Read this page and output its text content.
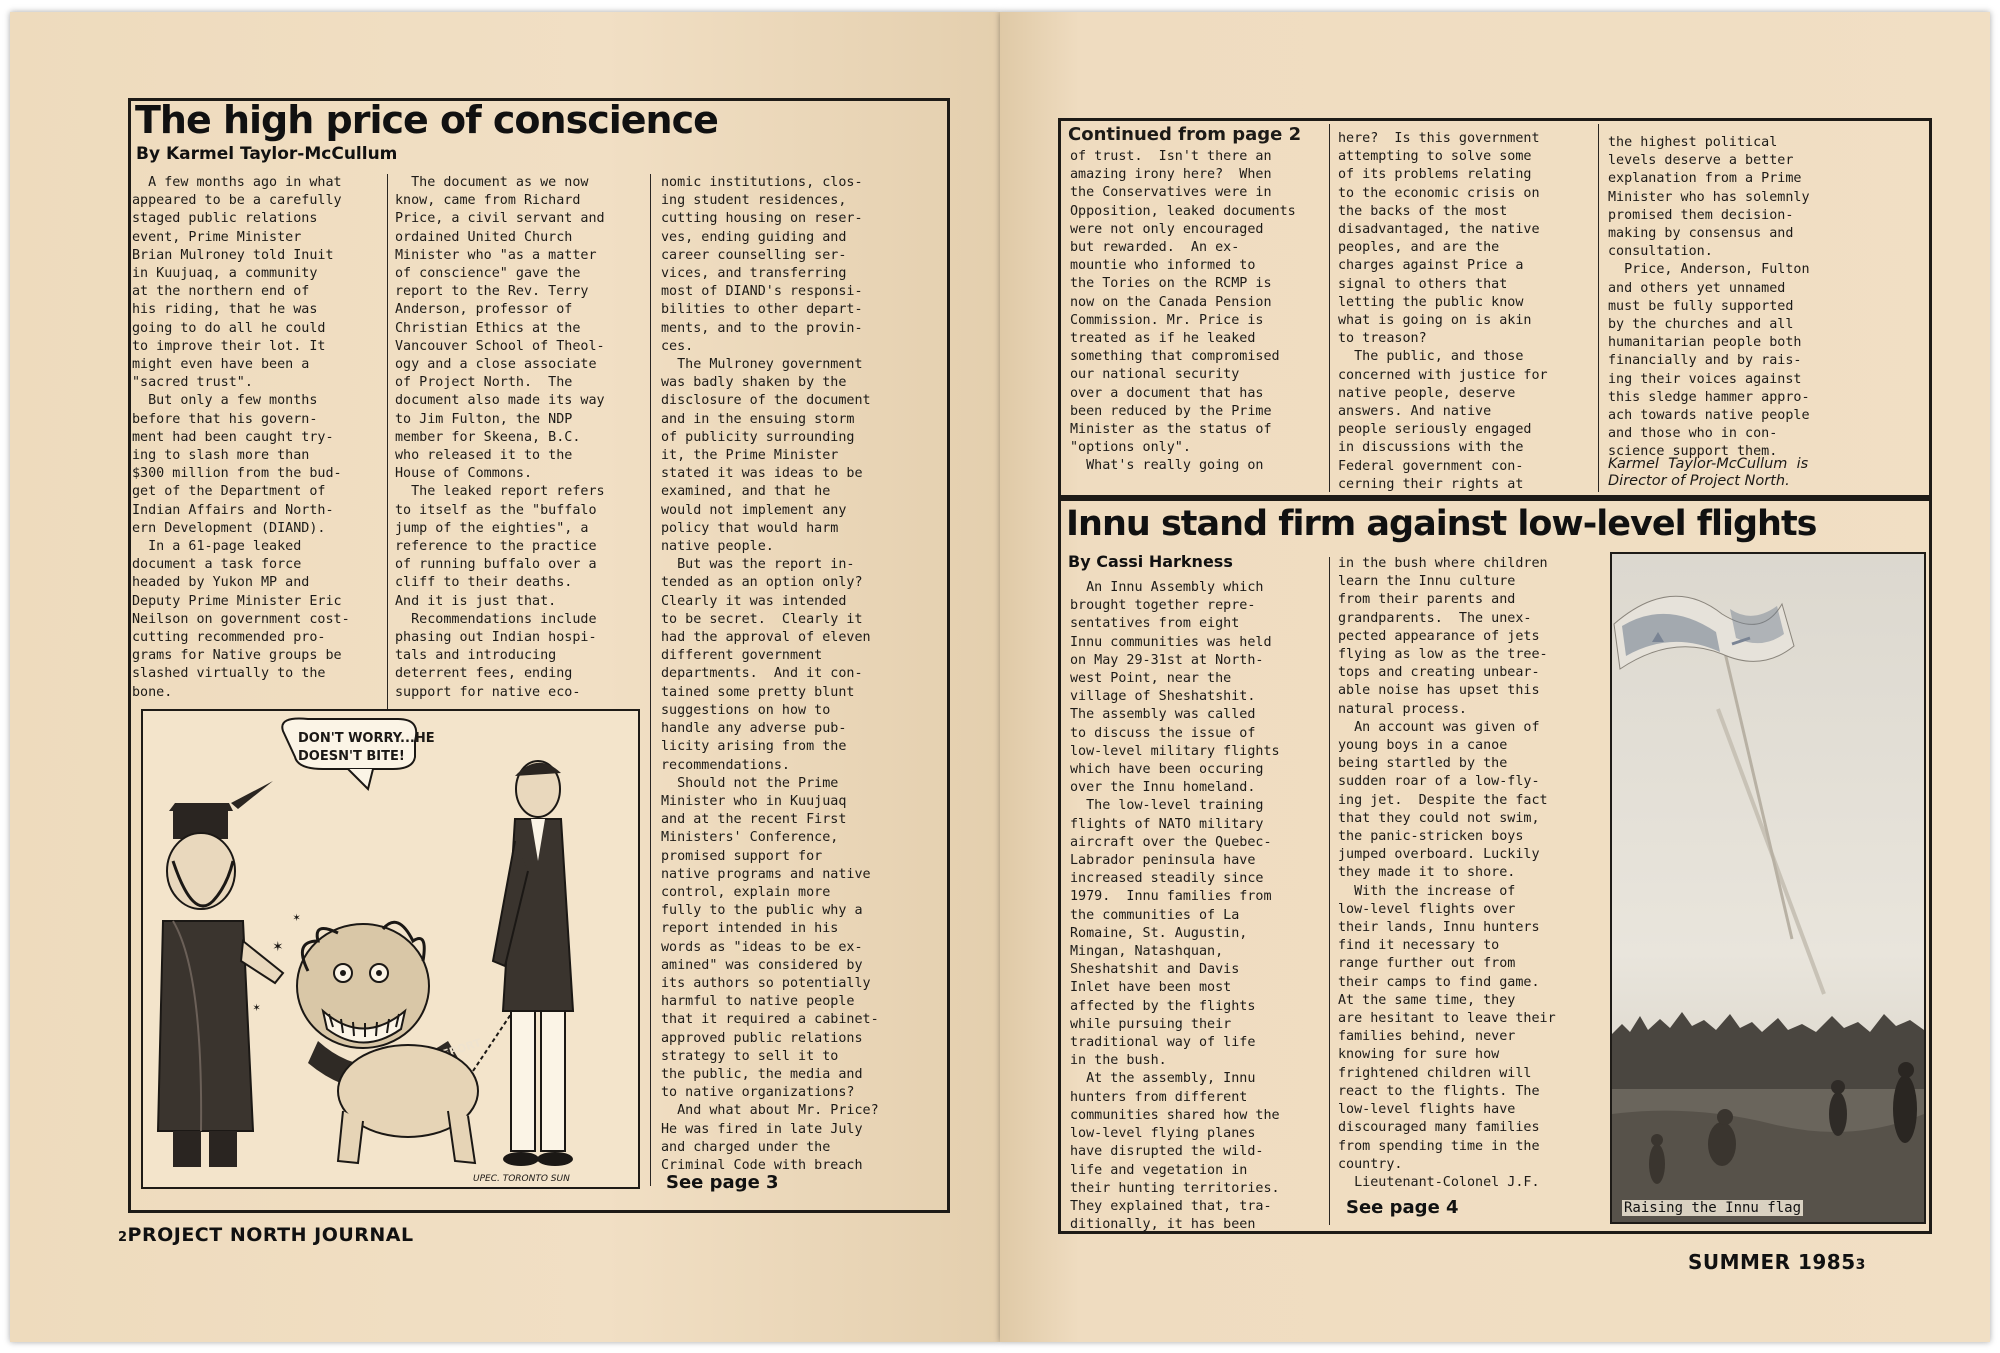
The high price of conscience
By Karmel Taylor-McCullum
A few months ago in what
appeared to be a carefully
staged public relations
event, Prime Minister
Brian Mulroney told Inuit
in Kuujuaq, a community
at the northern end of
his riding, that he was
going to do all he could
to improve their lot. It
might even have been a
"sacred trust".
But only a few months
before that his govern-
ment had been caught try-
ing to slash more than
$300 million from the bud-
get of the Department of
Indian Affairs and North-
ern Development (DIAND).
In a 61-page leaked
document a task force
headed by Yukon MP and
Deputy Prime Minister Eric
Neilson on government cost-
cutting recommended pro-
grams for Native groups be
slashed virtually to the
bone.
The document as we now
know, came from Richard
Price, a civil servant and
ordained United Church
Minister who "as a matter
of conscience" gave the
report to the Rev. Terry
Anderson, professor of
Christian Ethics at the
Vancouver School of Theol-
ogy and a close associate
of Project North.  The
document also made its way
to Jim Fulton, the NDP
member for Skeena, B.C.
who released it to the
House of Commons.
The leaked report refers
to itself as the "buffalo
jump of the eighties", a
reference to the practice
of running buffalo over a
cliff to their deaths.
And it is just that.
Recommendations include
phasing out Indian hospi-
tals and introducing
deterrent fees, ending
support for native eco-
nomic institutions, clos-
ing student residences,
cutting housing on reser-
ves, ending guiding and
career counselling ser-
vices, and transferring
most of DIAND's responsi-
bilities to other depart-
ments, and to the provin-
ces.
The Mulroney government
was badly shaken by the
disclosure of the document
and in the ensuing storm
of publicity surrounding
it, the Prime Minister
stated it was ideas to be
examined, and that he
would not implement any
policy that would harm
native people.
But was the report in-
tended as an option only?
Clearly it was intended
to be secret.  Clearly it
had the approval of eleven
different government
departments.  And it con-
tained some pretty blunt
suggestions on how to
handle any adverse pub-
licity arising from the
recommendations.
Should not the Prime
Minister who in Kuujuaq
and at the recent First
Ministers' Conference,
promised support for
native programs and native
control, explain more
fully to the public why a
report intended in his
words as "ideas to be ex-
amined" was considered by
its authors so potentially
harmful to native people
that it required a cabinet-
approved public relations
strategy to sell it to
the public, the media and
to native organizations?
And what about Mr. Price?
He was fired in late July
and charged under the
Criminal Code with breach
See page 3
DON'T WORRY...HE
DOESN'T BITE!
REPORT
✶
✶
✶
UPEC. TORONTO SUN
2PROJECT NORTH JOURNAL
Continued from page 2
of trust.  Isn't there an
amazing irony here?  When
the Conservatives were in
Opposition, leaked documents
were not only encouraged
but rewarded.  An ex-
mountie who informed to
the Tories on the RCMP is
now on the Canada Pension
Commission. Mr. Price is
treated as if he leaked
something that compromised
our national security
over a document that has
been reduced by the Prime
Minister as the status of
"options only".
What's really going on
here?  Is this government
attempting to solve some
of its problems relating
to the economic crisis on
the backs of the most
disadvantaged, the native
peoples, and are the
charges against Price a
signal to others that
letting the public know
what is going on is akin
to treason?
The public, and those
concerned with justice for
native people, deserve
answers. And native
people seriously engaged
in discussions with the
Federal government con-
cerning their rights at
the highest political
levels deserve a better
explanation from a Prime
Minister who has solemnly
promised them decision-
making by consensus and
consultation.
Price, Anderson, Fulton
and others yet unnamed
must be fully supported
by the churches and all
humanitarian people both
financially and by rais-
ing their voices against
this sledge hammer appro-
ach towards native people
and those who in con-
science support them.
Karmel  Taylor-McCullum  is
Director of Project North.
Innu stand firm against low-level flights
By Cassi Harkness
An Innu Assembly which
brought together repre-
sentatives from eight
Innu communities was held
on May 29-31st at North-
west Point, near the
village of Sheshatshit.
The assembly was called
to discuss the issue of
low-level military flights
which have been occuring
over the Innu homeland.
The low-level training
flights of NATO military
aircraft over the Quebec-
Labrador peninsula have
increased steadily since
1979.  Innu families from
the communities of La
Romaine, St. Augustin,
Mingan, Natashquan,
Sheshatshit and Davis
Inlet have been most
affected by the flights
while pursuing their
traditional way of life
in the bush.
At the assembly, Innu
hunters from different
communities shared how the
low-level flying planes
have disrupted the wild-
life and vegetation in
their hunting territories.
They explained that, tra-
ditionally, it has been
in the bush where children
learn the Innu culture
from their parents and
grandparents.  The unex-
pected appearance of jets
flying as low as the tree-
tops and creating unbear-
able noise has upset this
natural process.
An account was given of
young boys in a canoe
being startled by the
sudden roar of a low-fly-
ing jet.  Despite the fact
that they could not swim,
the panic-stricken boys
jumped overboard. Luckily
they made it to shore.
With the increase of
low-level flights over
their lands, Innu hunters
find it necessary to
range further out from
their camps to find game.
At the same time, they
are hesitant to leave their
families behind, never
knowing for sure how
frightened children will
react to the flights. The
low-level flights have
discouraged many families
from spending time in the
country.
Lieutenant-Colonel J.F.
See page 4	Raising the Innu flag
SUMMER 19853
